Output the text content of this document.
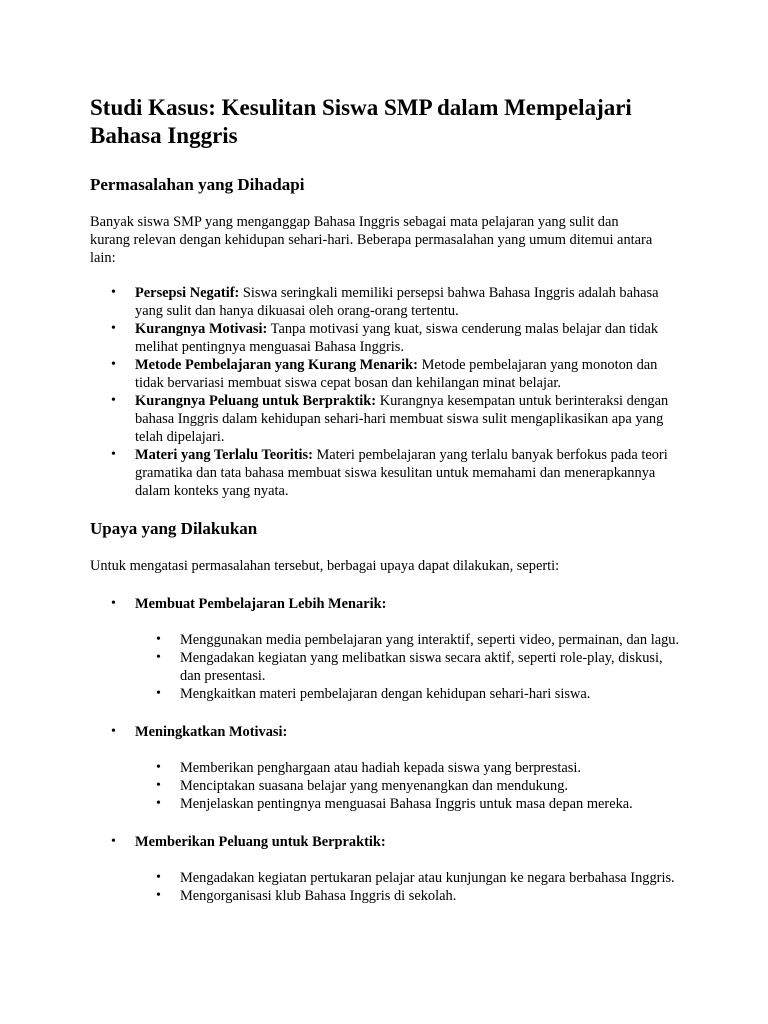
Studi Kasus: Kesulitan Siswa SMP dalam Mempelajari Bahasa Inggris
Permasalahan yang Dihadapi

Banyak siswa SMP yang menganggap Bahasa Inggris sebagai mata pelajaran yang sulit dan kurang relevan dengan kehidupan sehari-hari. Beberapa permasalahan yang umum ditemui antara lain:

• Persepsi Negatif: Siswa seringkali memiliki persepsi bahwa Bahasa Inggris adalah bahasa yang sulit dan hanya dikuasai oleh orang-orang tertentu.
• Kurangnya Motivasi: Tanpa motivasi yang kuat, siswa cenderung malas belajar dan tidak melihat pentingnya menguasai Bahasa Inggris.
• Metode Pembelajaran yang Kurang Menarik: Metode pembelajaran yang monoton dan tidak bervariasi membuat siswa cepat bosan dan kehilangan minat belajar.
• Kurangnya Peluang untuk Berpraktik: Kurangnya kesempatan untuk berinteraksi dengan bahasa Inggris dalam kehidupan sehari-hari membuat siswa sulit mengaplikasikan apa yang telah dipelajari.
• Materi yang Terlalu Teoritis: Materi pembelajaran yang terlalu banyak berfokus pada teori gramatika dan tata bahasa membuat siswa kesulitan untuk memahami dan menerapkannya dalam konteks yang nyata.
Upaya yang Dilakukan

Untuk mengatasi permasalahan tersebut, berbagai upaya dapat dilakukan, seperti:

• Membuat Pembelajaran Lebih Menarik:
• Menggunakan media pembelajaran yang interaktif, seperti video, permainan, dan lagu.
• Mengadakan kegiatan yang melibatkan siswa secara aktif, seperti role-play, diskusi, dan presentasi.
• Mengkaitkan materi pembelajaran dengan kehidupan sehari-hari siswa.
• Meningkatkan Motivasi:
• Memberikan penghargaan atau hadiah kepada siswa yang berprestasi.
• Menciptakan suasana belajar yang menyenangkan dan mendukung.
• Menjelaskan pentingnya menguasai Bahasa Inggris untuk masa depan mereka.
• Memberikan Peluang untuk Berpraktik:
• Mengadakan kegiatan pertukaran pelajar atau kunjungan ke negara berbahasa Inggris.
• Mengorganisasi klub Bahasa Inggris di sekolah.
